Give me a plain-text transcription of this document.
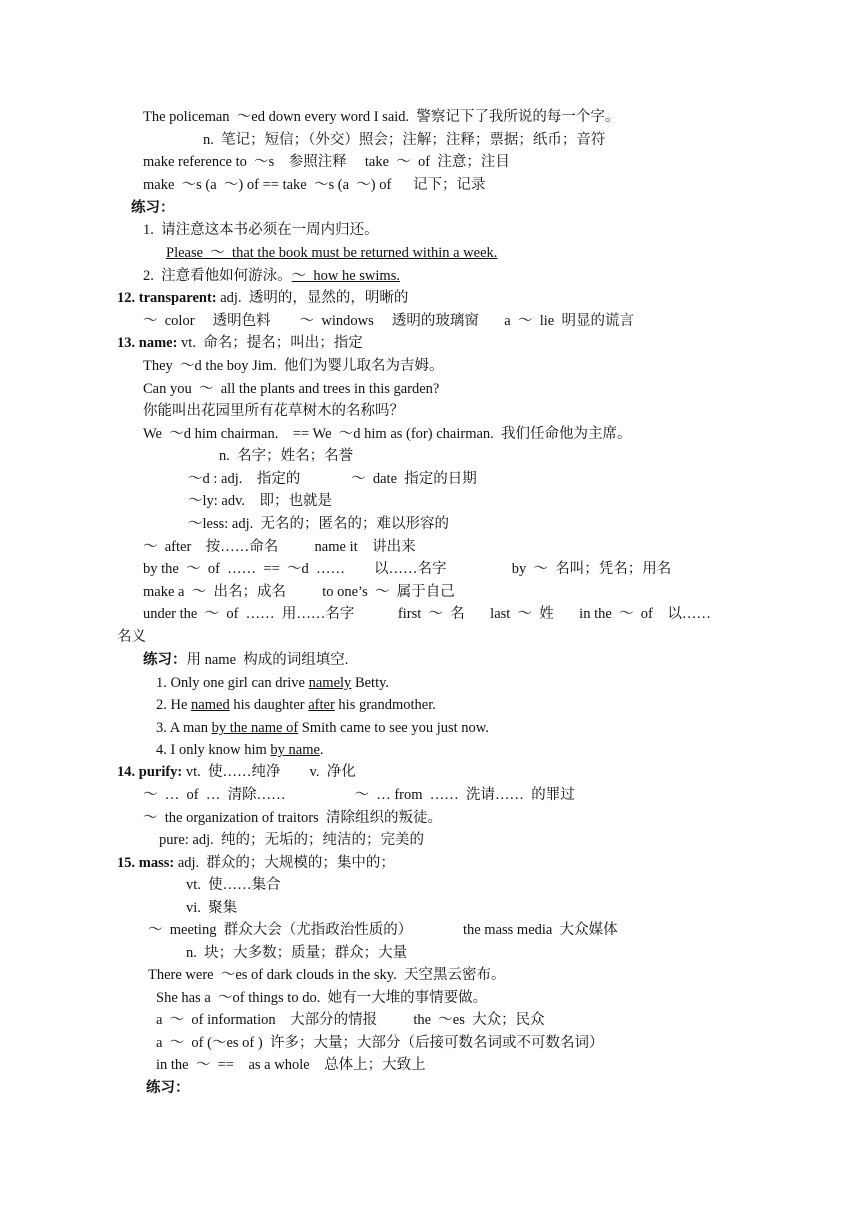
The policeman  ～ed down every word I said.  警察记下了我所说的每一个字。
n.  笔记；短信；（外交）照会；注解；注释；票据；纸币；音符
make reference to  ～s    参照注释     take  ～  of  注意；注目
make  ～s (a  ～) of == take  ～s (a  ～) of      记下；记录
练习：
1.  请注意这本书必须在一周内归还。
Please  ～  that the book must be returned within a week.
2.  注意看他如何游泳。～  how he swims.
12. transparent: adj.  透明的，显然的，明晰的
～  color     透明色料        ～  windows     透明的玻璃窗       a  ～  lie  明显的谎言
13. name: vt.  命名；提名；叫出；指定
They  ～d the boy Jim.  他们为婴儿取名为吉姆。
Can you  ～  all the plants and trees in this garden?
你能叫出花园里所有花草树木的名称吗？
We  ～d him chairman.    == We  ～d him as (for) chairman.  我们任命他为主席。
n.  名字；姓名；名誉
～d : adj.    指定的              ～  date  指定的日期
～ly: adv.    即；也就是
～less: adj.  无名的；匿名的；难以形容的
～  after    按……命名          name it    讲出来
by the  ～  of  ……  ==  ～d  ……        以……名字                  by  ～  名叫；凭名；用名
make a  ～  出名；成名          to one’s  ～  属于自己
under the  ～  of  ……  用……名字            first  ～  名       last  ～  姓       in the  ～  of    以……
名义
练习：用 name  构成的词组填空.
1. Only one girl can drive namely Betty.
2. He named his daughter after his grandmother.
3. A man by the name of Smith came to see you just now.
4. I only know him by name.
14. purify: vt.  使……纯净        v.  净化
～  …  of  …  清除……                   ～  … from  ……  洗请……  的罪过
～  the organization of traitors  清除组织的叛徒。
pure: adj.  纯的；无垢的；纯洁的；完美的
15. mass: adj.  群众的；大规模的；集中的；
vt.  使……集合
vi.  聚集
～  meeting  群众大会（尤指政治性质的）              the mass media  大众媒体
n.  块；大多数；质量；群众；大量
There were  ～es of dark clouds in the sky.  天空黑云密布。
She has a  ～of things to do.  她有一大堆的事情要做。
a  ～  of information    大部分的情报          the  ～es  大众；民众
a  ～  of (～es of )  许多；大量；大部分（后接可数名词或不可数名词）
in the  ～  ==    as a whole    总体上；大致上
练习：
